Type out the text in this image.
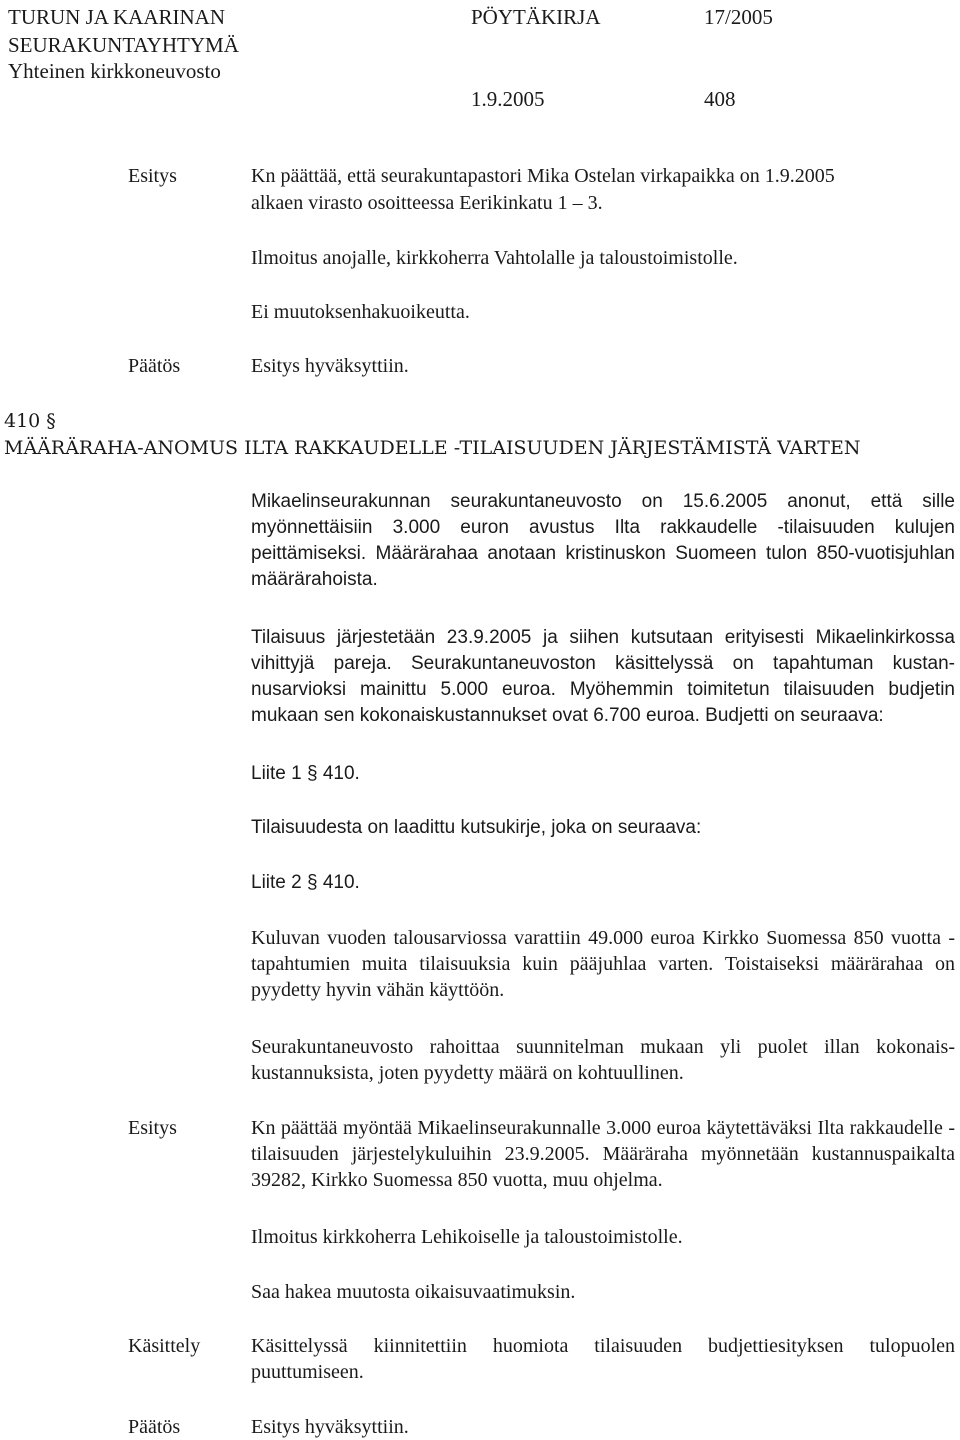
TURUN JA KAARINAN
SEURAKUNTAYHTYMÄ
Yhteinen kirkkoneuvosto
PÖYTÄKIRJA	17/2005
1.9.2005	408
Esitys	Kn päättää, että seurakuntapastori Mika Ostelan virkapaikka on 1.9.2005
alkaen virasto osoitteessa Eerikinkatu 1 – 3.
Ilmoitus anojalle, kirkkoherra Vahtolalle ja taloustoimistolle.
Ei muutoksenhakuoikeutta.
Päätös	Esitys hyväksyttiin.
410 §
MÄÄRÄRAHA-ANOMUS ILTA RAKKAUDELLE -TILAISUUDEN JÄRJESTÄMISTÄ VARTEN
Mikaelinseurakunnan seurakuntaneuvosto on 15.6.2005 anonut, että sille myönnettäisiin 3.000 euron avustus Ilta rakkaudelle -tilaisuuden kulujen peittämiseksi. Määrärahaa anotaan kristinuskon Suomeen tulon 850-vuotisjuhlan määrärahoista.
Tilaisuus järjestetään 23.9.2005 ja siihen kutsutaan erityisesti Mikaelinkirkossa vihittyjä pareja. Seurakuntaneuvoston käsittelyssä on tapahtuman kustannusarvioksi mainittu 5.000 euroa. Myöhemmin toimitetun tilaisuuden budjetin mukaan sen kokonaiskustannukset ovat 6.700 euroa. Budjetti on seuraava:
Liite 1 § 410.
Tilaisuudesta on laadittu kutsukirje, joka on seuraava:
Liite 2 § 410.
Kuluvan vuoden talousarviossa varattiin 49.000 euroa Kirkko Suomessa 850 vuotta -tapahtumien muita tilaisuuksia kuin pääjuhlaa varten. Toistaiseksi määrärahaa on pyydetty hyvin vähän käyttöön.
Seurakuntaneuvosto rahoittaa suunnitelman mukaan yli puolet illan kokonaiskustannuksista, joten pyydetty määrä on kohtuullinen.
Esitys	Kn päättää myöntää Mikaelinseurakunnalle 3.000 euroa käytettäväksi Ilta rakkaudelle -tilaisuuden järjestelykuluihin 23.9.2005. Määräraha myönnetään kustannuspaikalta 39282, Kirkko Suomessa 850 vuotta, muu ohjelma.
Ilmoitus kirkkoherra Lehikoiselle ja taloustoimistolle.
Saa hakea muutosta oikaisuvaatimuksin.
Käsittely	Käsittelyssä kiinnitettiin huomiota tilaisuuden budjettiesityksen tulopuolen puuttumiseen.
Päätös	Esitys hyväksyttiin.
